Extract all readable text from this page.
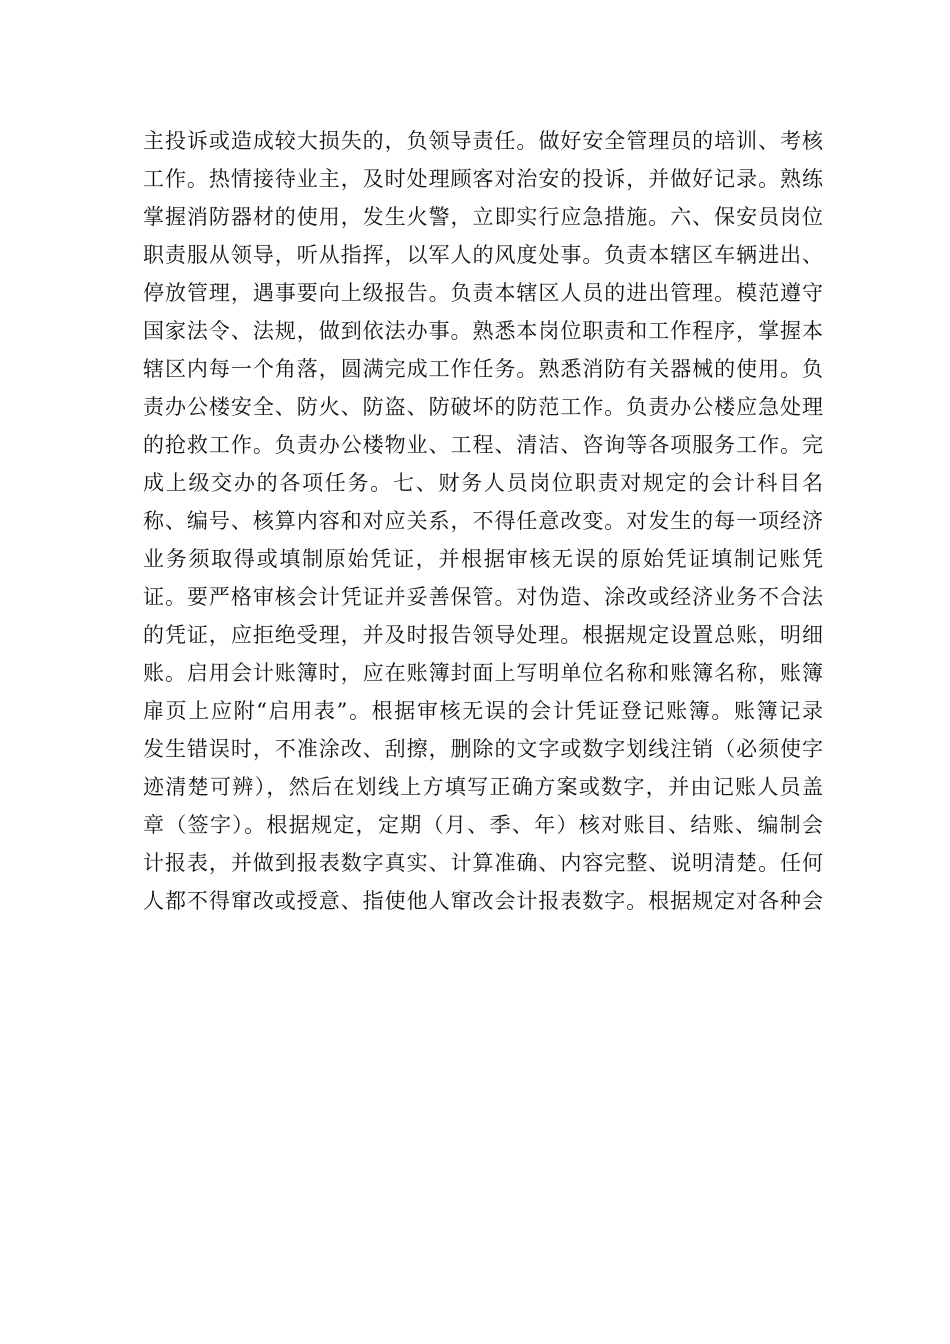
主投诉或造成较大损失的，负领导责任。做好安全管理员的培训、考核
工作。热情接待业主，及时处理顾客对治安的投诉，并做好记录。熟练
掌握消防器材的使用，发生火警，立即实行应急措施。六、保安员岗位
职责服从领导，听从指挥，以军人的风度处事。负责本辖区车辆进出、
停放管理，遇事要向上级报告。负责本辖区人员的进出管理。模范遵守
国家法令、法规，做到依法办事。熟悉本岗位职责和工作程序，掌握本
辖区内每一个角落，圆满完成工作任务。熟悉消防有关器械的使用。负
责办公楼安全、防火、防盗、防破坏的防范工作。负责办公楼应急处理
的抢救工作。负责办公楼物业、工程、清洁、咨询等各项服务工作。完
成上级交办的各项任务。七、财务人员岗位职责对规定的会计科目名
称、编号、核算内容和对应关系，不得任意改变。对发生的每一项经济
业务须取得或填制原始凭证，并根据审核无误的原始凭证填制记账凭
证。要严格审核会计凭证并妥善保管。对伪造、涂改或经济业务不合法
的凭证，应拒绝受理，并及时报告领导处理。根据规定设置总账，明细
账。启用会计账簿时，应在账簿封面上写明单位名称和账簿名称，账簿
扉页上应附“启用表”。根据审核无误的会计凭证登记账簿。账簿记录
发生错误时，不准涂改、刮擦，删除的文字或数字划线注销（必须使字
迹清楚可辨），然后在划线上方填写正确方案或数字，并由记账人员盖
章（签字）。根据规定，定期（月、季、年）核对账目、结账、编制会
计报表，并做到报表数字真实、计算准确、内容完整、说明清楚。任何
人都不得窜改或授意、指使他人窜改会计报表数字。根据规定对各种会
